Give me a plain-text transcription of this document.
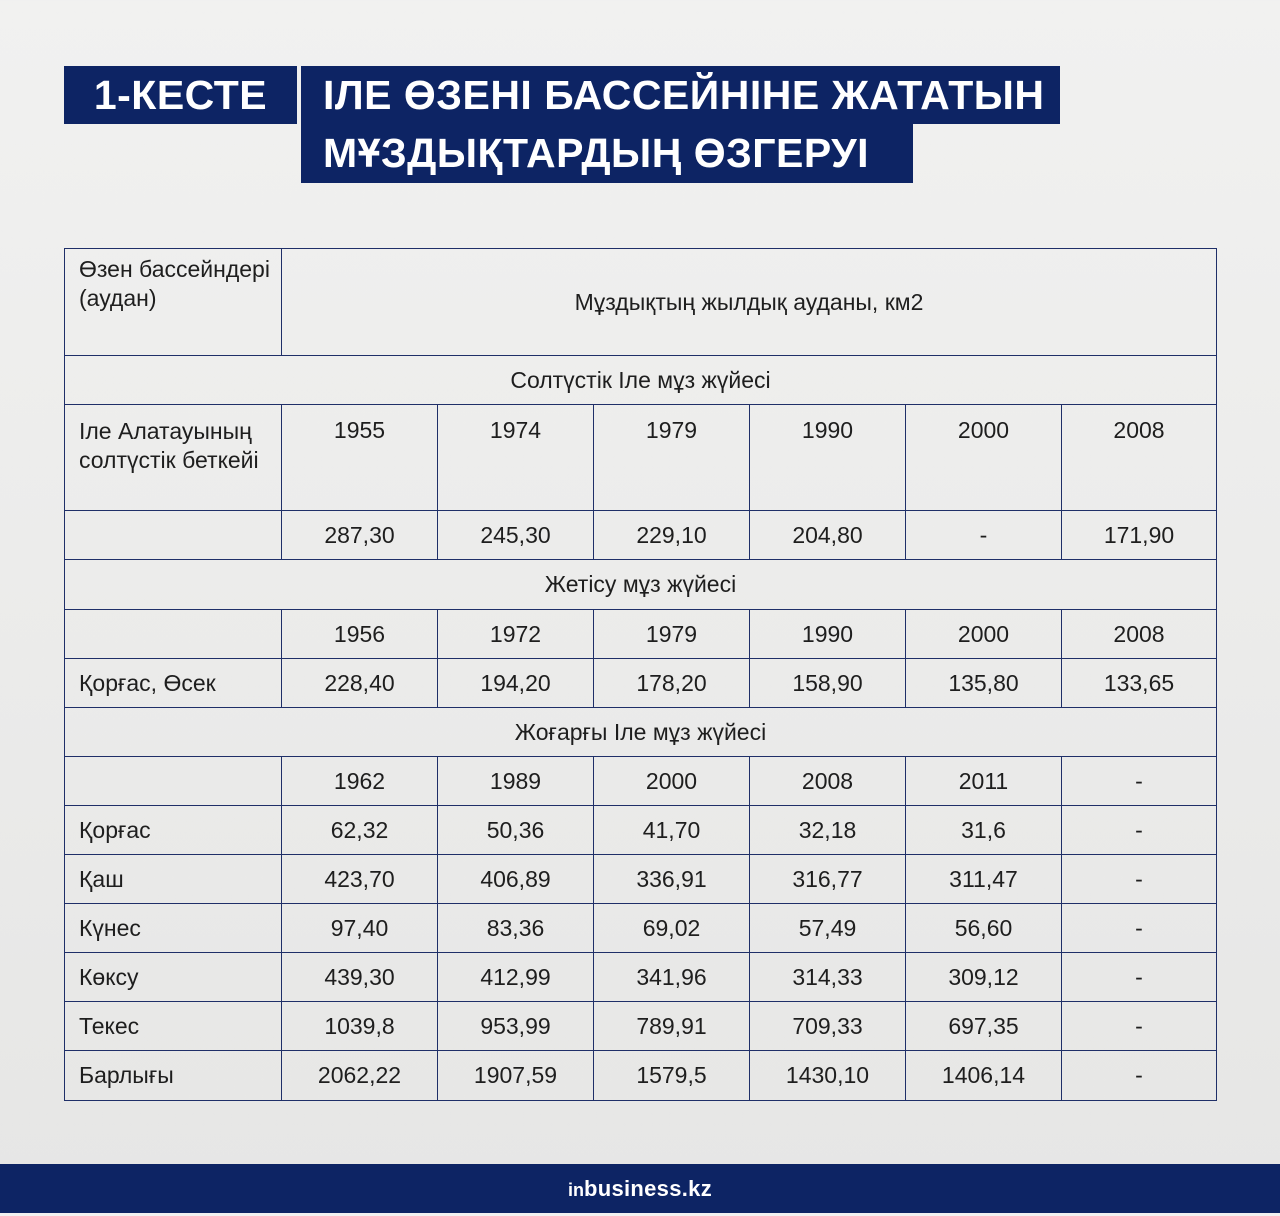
1-КЕСТЕ	ІЛЕ ӨЗЕНІ БАССЕЙНІНЕ ЖАТАТЫН
МҰЗДЫҚТАРДЫҢ ӨЗГЕРУІ
Өзен бассейндері (аудан)	Мұздықтың жылдық ауданы, км2					
Солтүстік Іле мұз жүйесі						
Іле Алатауының солтүстік беткейі	1955	1974	1979	1990	2000	2008
	287,30	245,30	229,10	204,80	-	171,90
Жетісу мұз жүйесі						
	1956	1972	1979	1990	2000	2008
Қорғас, Өсек	228,40	194,20	178,20	158,90	135,80	133,65
Жоғарғы Іле мұз жүйесі						
	1962	1989	2000	2008	2011	-
Қорғас	62,32	50,36	41,70	32,18	31,6	-
Қаш	423,70	406,89	336,91	316,77	311,47	-
Күнес	97,40	83,36	69,02	57,49	56,60	-
Көксу	439,30	412,99	341,96	314,33	309,12	-
Текес	1039,8	953,99	789,91	709,33	697,35	-
Барлығы	2062,22	1907,59	1579,5	1430,10	1406,14	-
inbusiness.kz
